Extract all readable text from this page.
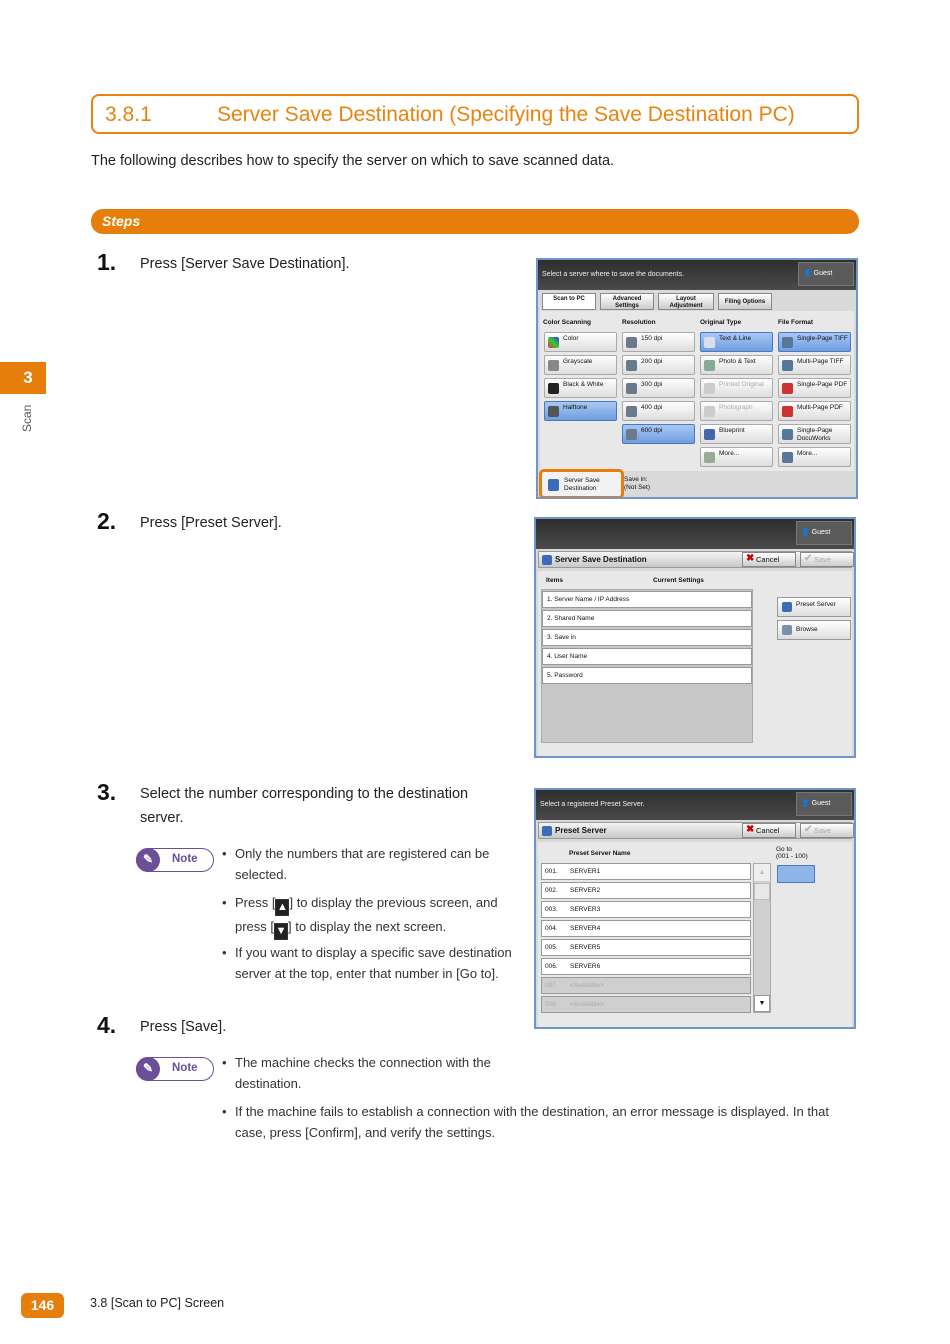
3.8.1	Server Save Destination (Specifying the Save Destination PC)
The following describes how to specify the server on which to save scanned data.
Steps
3
Scan
1. Press [Server Save Destination].
2. Press [Preset Server].
3. Select the number corresponding to the destination server.
✎	Note	• Only the numbers that are registered can be selected.
• Press [ ▲ ] to display the previous screen, and press [ ▼ ] to display the next screen.
• If you want to display a specific save destination server at the top, enter that number in [Go to].
4. Press [Save].
✎	Note	• The machine checks the connection with the destination.
• If the machine fails to establish a connection with the destination, an error message is displayed. In that case, press [Confirm], and verify the settings.
146	3.8 [Scan to PC] Screen
Select a server where to save the documents.	👤 Guest
Scan to PC	Advanced Settings
Layout Adjustment
Filing Options
Color Scanning	Resolution	Original Type	File Format
Color
Grayscale
Black & White
Halftone
150 dpi
200 dpi
300 dpi
400 dpi
600 dpi
Text & Line
Photo & Text
Printed Original
Photograph
Blueprint
More...
Single-Page TIFF
Multi-Page TIFF
Single-Page PDF
Multi-Page PDF
Single-Page DocuWorks
More...
Server Save Destination
Save in:
(Not Set)
👤 Guest
Server Save Destination	✖ Cancel	✔ Save
Items	Current Settings
1. Server Name / IP Address
2. Shared Name
3. Save in
4. User Name
5. Password
Preset Server
Browse
Select a registered Preset Server.	👤 Guest
Preset Server	✖ Cancel	✔ Save
Preset Server Name
Go to
(001 - 100)
001. SERVER1
002. SERVER2
003. SERVER3
004. SERVER4
005. SERVER5
006. SERVER6
007. <Available>
008. <Available>
▲
▼
